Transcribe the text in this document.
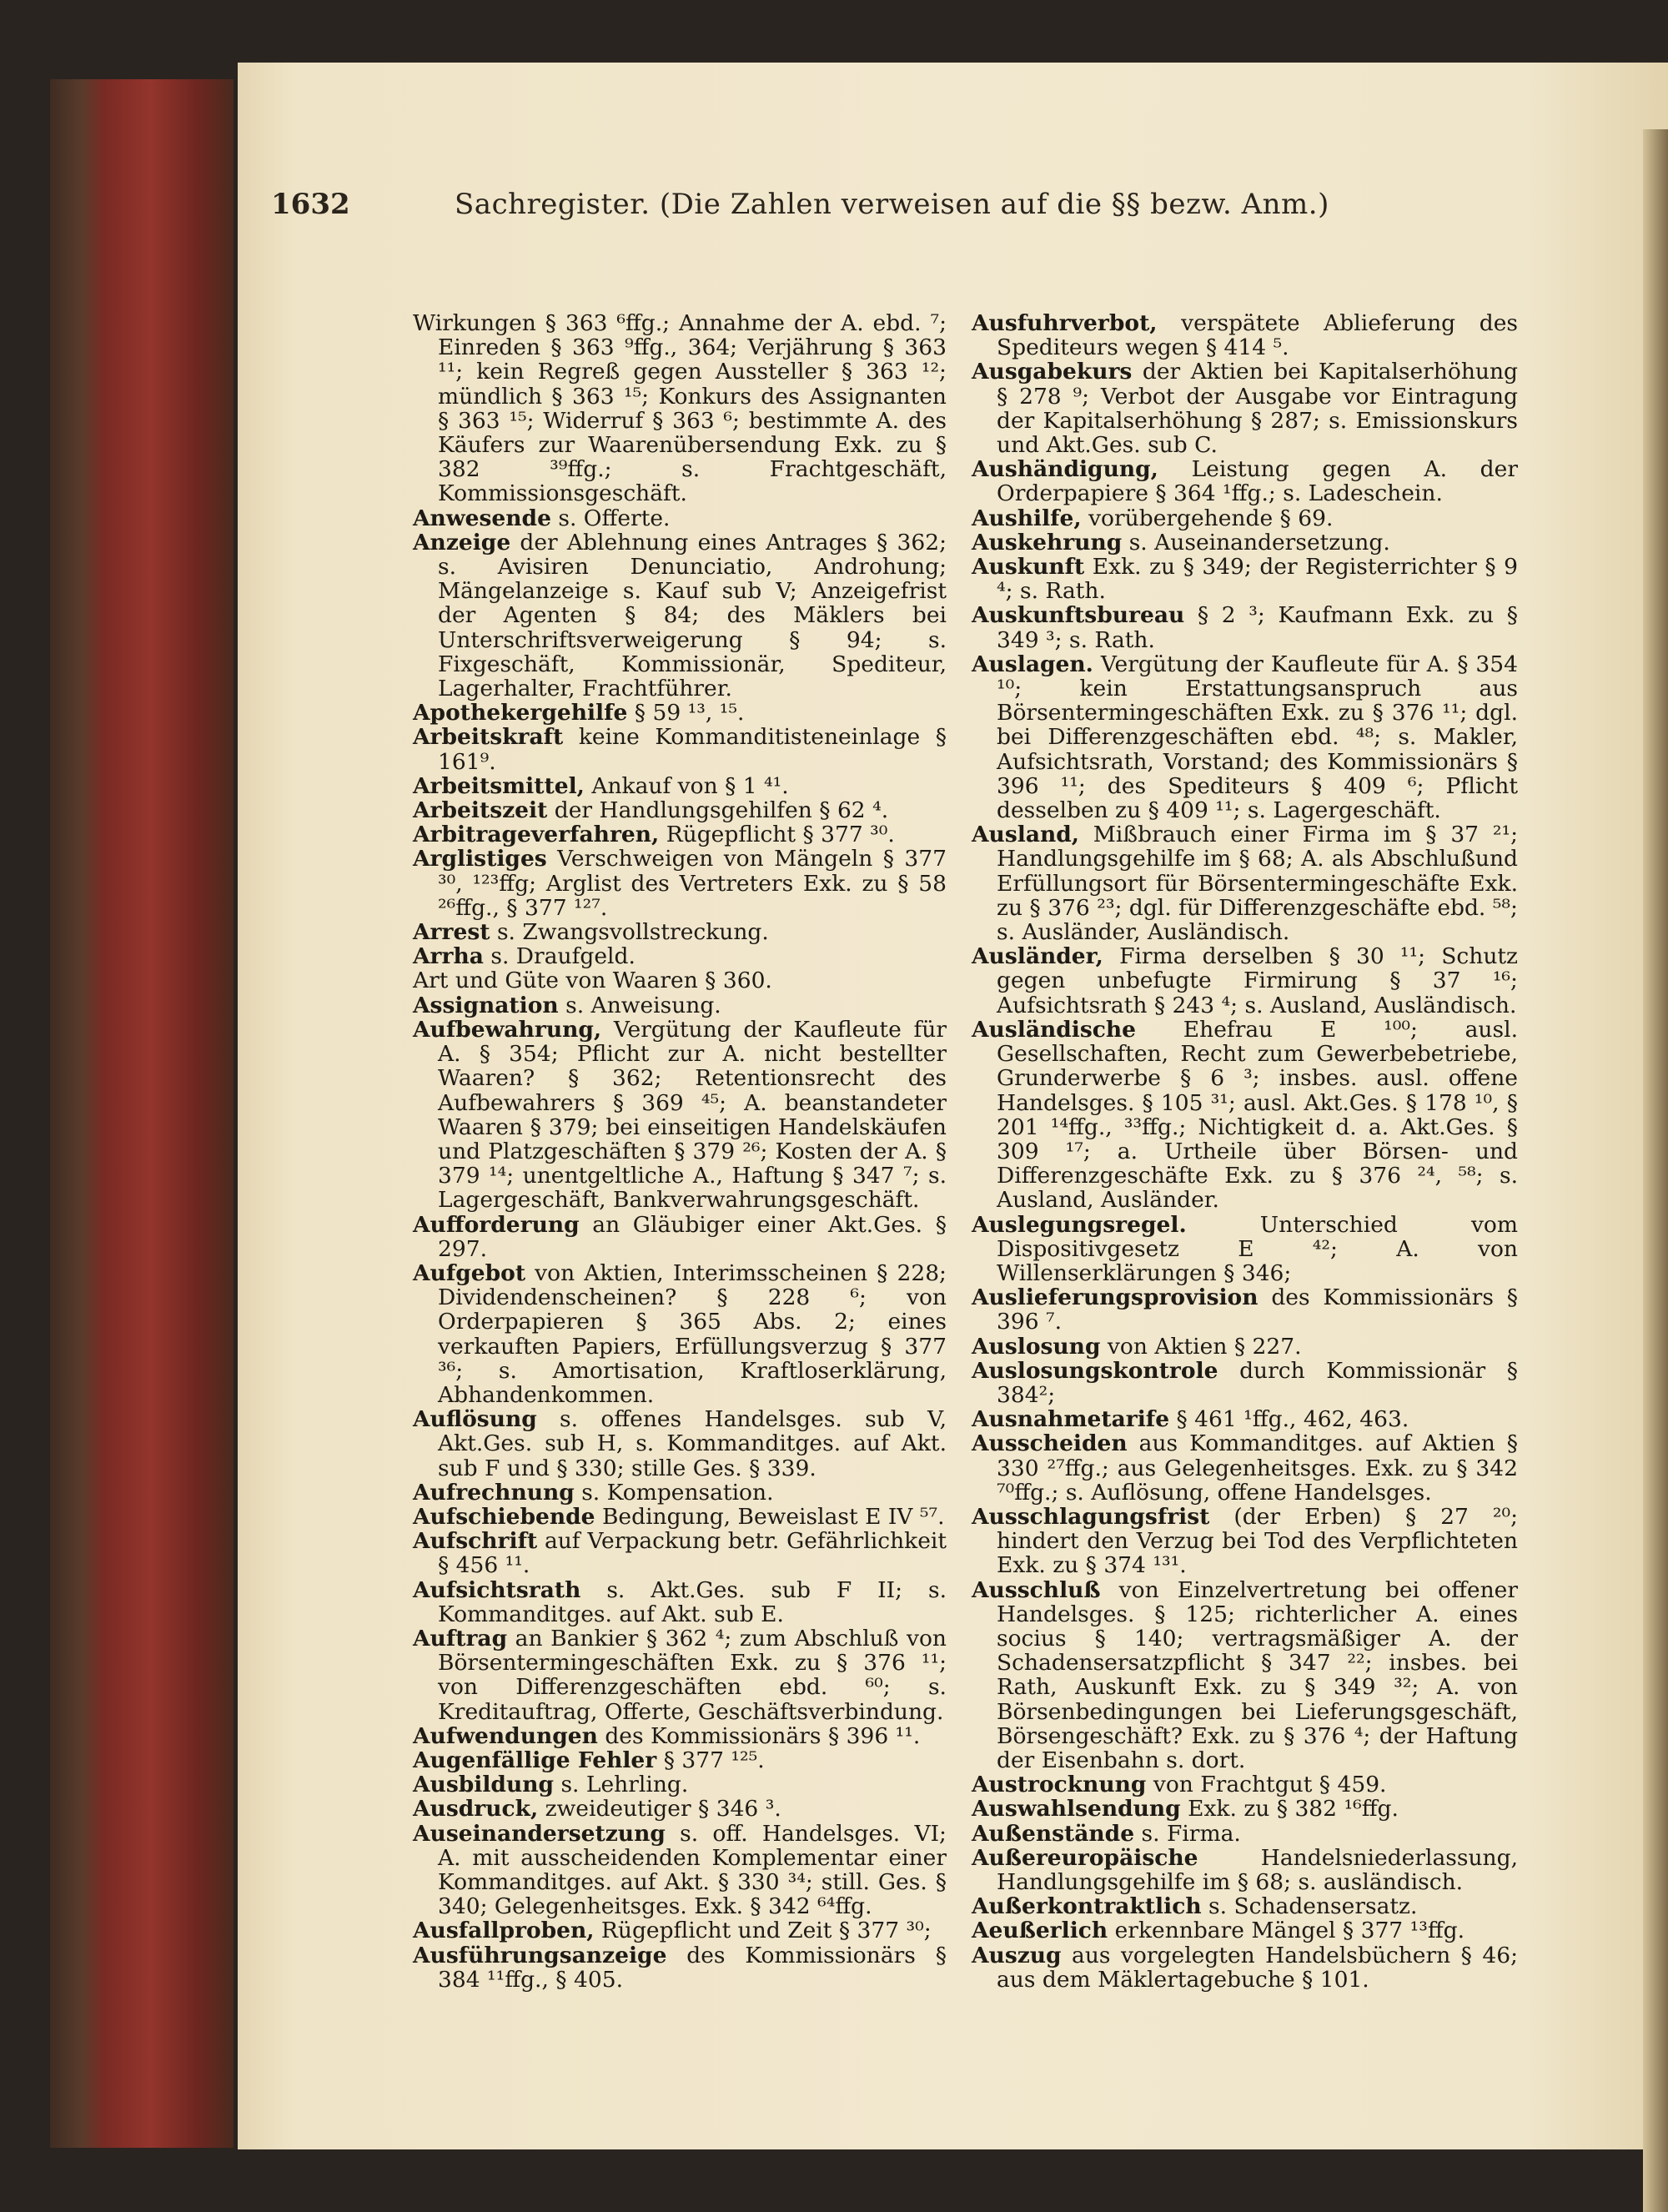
1632	Sachregister. (Die Zahlen verweisen auf die §§ bezw. Anm.)

Wirkungen § 363 ⁶ffg.; Annahme der A. ebd. ⁷; Einreden § 363 ⁹ffg., 364; Verjährung § 363 ¹¹; kein Regreß gegen Aussteller § 363 ¹²; mündlich § 363 ¹⁵; Konkurs des Assignanten § 363 ¹⁵; Widerruf § 363 ⁶; bestimmte A. des Käufers zur Waarenübersendung Exk. zu § 382 ³⁹ffg.; s. Frachtgeschäft, Kommissionsgeschäft.

Anwesende s. Offerte.

Anzeige der Ablehnung eines Antrages § 362; s. Avisiren Denunciatio, Androhung; Mängelanzeige s. Kauf sub V; Anzeigefrist der Agenten § 84; des Mäklers bei Unterschriftsverweigerung § 94; s. Fixgeschäft, Kommissionär, Spediteur, Lagerhalter, Frachtführer.

Apothekergehilfe § 59 ¹³, ¹⁵.

Arbeitskraft keine Kommanditisteneinlage § 161⁹.

Arbeitsmittel, Ankauf von § 1 ⁴¹.

Arbeitszeit der Handlungsgehilfen § 62 ⁴.

Arbitrageverfahren, Rügepflicht § 377 ³⁰.

Arglistiges Verschweigen von Mängeln § 377 ³⁰, ¹²³ffg; Arglist des Vertreters Exk. zu § 58 ²⁶ffg., § 377 ¹²⁷.

Arrest s. Zwangsvollstreckung.

Arrha s. Draufgeld.

Art und Güte von Waaren § 360.

Assignation s. Anweisung.

Aufbewahrung, Vergütung der Kaufleute für A. § 354; Pflicht zur A. nicht bestellter Waaren? § 362; Retentionsrecht des Aufbewahrers § 369 ⁴⁵; A. beanstandeter Waaren § 379; bei einseitigen Handelskäufen und Platzgeschäften § 379 ²⁶; Kosten der A. § 379 ¹⁴; unentgeltliche A., Haftung § 347 ⁷; s. Lagergeschäft, Bankverwahrungsgeschäft.

Aufforderung an Gläubiger einer Akt.Ges. § 297.

Aufgebot von Aktien, Interimsscheinen § 228; Dividendenscheinen? § 228 ⁶; von Orderpapieren § 365 Abs. 2; eines verkauften Papiers, Erfüllungsverzug § 377 ³⁶; s. Amortisation, Kraftloserklärung, Abhandenkommen.

Auflösung s. offenes Handelsges. sub V, Akt.Ges. sub H, s. Kommanditges. auf Akt. sub F und § 330; stille Ges. § 339.

Aufrechnung s. Kompensation.

Aufschiebende Bedingung, Beweislast E IV ⁵⁷.

Aufschrift auf Verpackung betr. Gefährlichkeit § 456 ¹¹.

Aufsichtsrath s. Akt.Ges. sub F II; s. Kommanditges. auf Akt. sub E.

Auftrag an Bankier § 362 ⁴; zum Abschluß von Börsentermingeschäften Exk. zu § 376 ¹¹; von Differenzgeschäften ebd. ⁶⁰; s. Kreditauftrag, Offerte, Geschäftsverbindung.

Aufwendungen des Kommissionärs § 396 ¹¹.

Augenfällige Fehler § 377 ¹²⁵.

Ausbildung s. Lehrling.

Ausdruck, zweideutiger § 346 ³.

Auseinandersetzung s. off. Handelsges. VI; A. mit ausscheidenden Komplementar einer Kommanditges. auf Akt. § 330 ³⁴; still. Ges. § 340; Gelegenheitsges. Exk. § 342 ⁶⁴ffg.

Ausfallproben, Rügepflicht und Zeit § 377 ³⁰;

Ausführungsanzeige des Kommissionärs § 384 ¹¹ffg., § 405.

Ausfuhrverbot, verspätete Ablieferung des Spediteurs wegen § 414 ⁵.

Ausgabekurs der Aktien bei Kapitalserhöhung § 278 ⁹; Verbot der Ausgabe vor Eintragung der Kapitalserhöhung § 287; s. Emissionskurs und Akt.Ges. sub C.

Aushändigung, Leistung gegen A. der Orderpapiere § 364 ¹ffg.; s. Ladeschein.

Aushilfe, vorübergehende § 69.

Auskehrung s. Auseinandersetzung.

Auskunft Exk. zu § 349; der Registerrichter § 9 ⁴; s. Rath.

Auskunftsbureau § 2 ³; Kaufmann Exk. zu § 349 ³; s. Rath.

Auslagen. Vergütung der Kaufleute für A. § 354 ¹⁰; kein Erstattungsanspruch aus Börsentermingeschäften Exk. zu § 376 ¹¹; dgl. bei Differenzgeschäften ebd. ⁴⁸; s. Makler, Aufsichtsrath, Vorstand; des Kommissionärs § 396 ¹¹; des Spediteurs § 409 ⁶; Pflicht desselben zu § 409 ¹¹; s. Lagergeschäft.

Ausland, Mißbrauch einer Firma im § 37 ²¹; Handlungsgehilfe im § 68; A. als Abschlußund Erfüllungsort für Börsentermingeschäfte Exk. zu § 376 ²³; dgl. für Differenzgeschäfte ebd. ⁵⁸; s. Ausländer, Ausländisch.

Ausländer, Firma derselben § 30 ¹¹; Schutz gegen unbefugte Firmirung § 37 ¹⁶; Aufsichtsrath § 243 ⁴; s. Ausland, Ausländisch.

Ausländische Ehefrau E ¹⁰⁰; ausl. Gesellschaften, Recht zum Gewerbebetriebe, Grunderwerbe § 6 ³; insbes. ausl. offene Handelsges. § 105 ³¹; ausl. Akt.Ges. § 178 ¹⁰, § 201 ¹⁴ffg., ³³ffg.; Nichtigkeit d. a. Akt.Ges. § 309 ¹⁷; a. Urtheile über Börsen- und Differenzgeschäfte Exk. zu § 376 ²⁴, ⁵⁸; s. Ausland, Ausländer.

Auslegungsregel. Unterschied vom Dispositivgesetz E ⁴²; A. von Willenserklärungen § 346;

Auslieferungsprovision des Kommissionärs § 396 ⁷.

Auslosung von Aktien § 227.

Auslosungskontrole durch Kommissionär § 384²;

Ausnahmetarife § 461 ¹ffg., 462, 463.

Ausscheiden aus Kommanditges. auf Aktien § 330 ²⁷ffg.; aus Gelegenheitsges. Exk. zu § 342 ⁷⁰ffg.; s. Auflösung, offene Handelsges.

Ausschlagungsfrist (der Erben) § 27 ²⁰; hindert den Verzug bei Tod des Verpflichteten Exk. zu § 374 ¹³¹.

Ausschluß von Einzelvertretung bei offener Handelsges. § 125; richterlicher A. eines socius § 140; vertragsmäßiger A. der Schadensersatzpflicht § 347 ²²; insbes. bei Rath, Auskunft Exk. zu § 349 ³²; A. von Börsenbedingungen bei Lieferungsgeschäft, Börsengeschäft? Exk. zu § 376 ⁴; der Haftung der Eisenbahn s. dort.

Austrocknung von Frachtgut § 459.

Auswahlsendung Exk. zu § 382 ¹⁶ffg.

Außenstände s. Firma.

Außereuropäische Handelsniederlassung, Handlungsgehilfe im § 68; s. ausländisch.

Außerkontraktlich s. Schadensersatz.

Aeußerlich erkennbare Mängel § 377 ¹³ffg.

Auszug aus vorgelegten Handelsbüchern § 46; aus dem Mäklertagebuche § 101.
